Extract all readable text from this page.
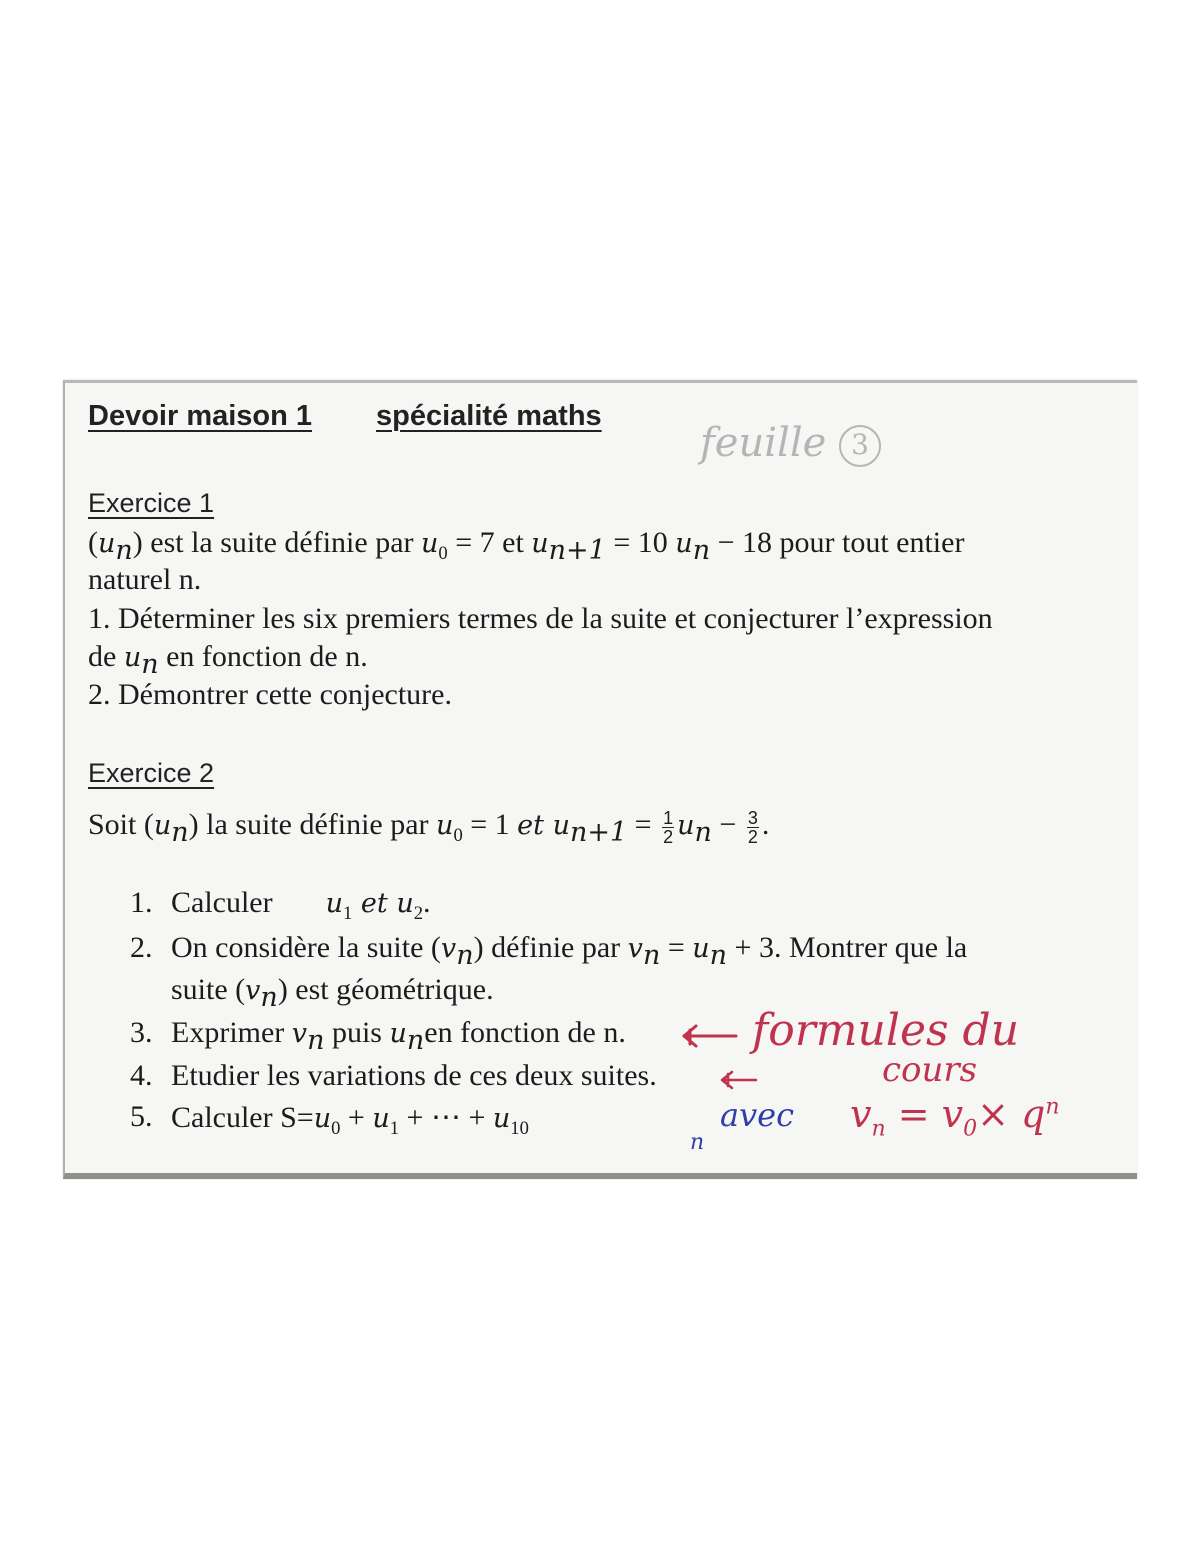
Devoir maison 1 spécialité maths
feuille 3
Exercice 1
$(u_n)$ est la suite définie par $u_0 = 7$ et $u_{n+1} = 10$ $u_n - 18$ pour tout entier
naturel n.
1. Déterminer les six premiers termes de la suite et conjecturer l’expression
de $u_n$ en fonction de n.
2. Démontrer cette conjecture.
Exercice 2
Soit $(u_n)$ la suite définie par $u_0 = 1$ et $u_{n+1} = \frac{1}{2} u_n - \frac{3}{2}$ .
1. Calculer $u_1$ et $u_2$.
2. On considère la suite $(v_n)$ définie par $v_n = u_n + 3$. Montrer que la
suite $(v_n)$ est géométrique.
3. Exprimer $v_n$ puis $u_nen$ fonction de n.
4. Etudier les variations de ces deux suites.
5. Calculer $S=u_0 + u_1$ + ⋯ + $u_{10}$
formules du
cours
avec
n
$v_n = v_0\times q^n$
